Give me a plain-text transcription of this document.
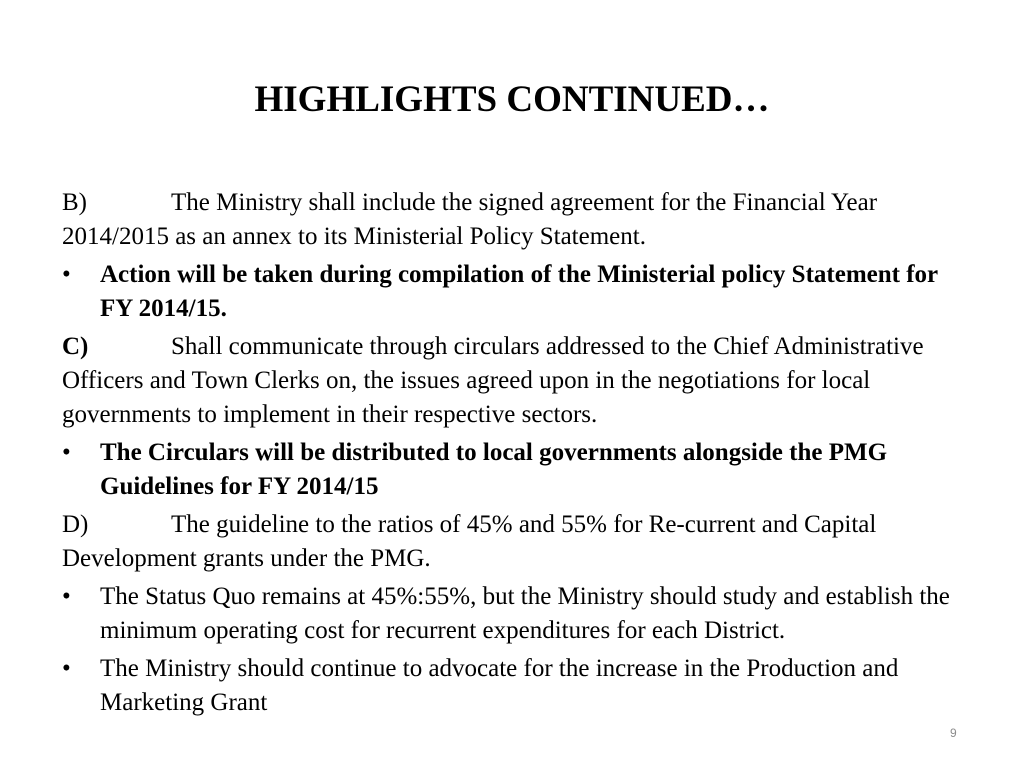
HIGHLIGHTS CONTINUED…

B)	The Ministry shall include the signed agreement for the Financial Year 2014/2015 as an annex to its Ministerial Policy Statement.

•	Action will be taken during compilation of the Ministerial policy Statement for FY 2014/15.

C)	Shall communicate through circulars addressed to the Chief Administrative Officers and Town Clerks on, the issues agreed upon in the negotiations for local governments to implement in their respective sectors.

•	The Circulars will be distributed to local governments alongside the PMG Guidelines for FY 2014/15

D)	The guideline to the ratios of 45% and 55% for Re-current and Capital Development grants under the PMG.

•	The Status Quo remains at 45%:55%, but the Ministry should study and establish the minimum operating cost for recurrent expenditures for each District.
•	The Ministry should continue to advocate for the increase in the Production and Marketing Grant
9
